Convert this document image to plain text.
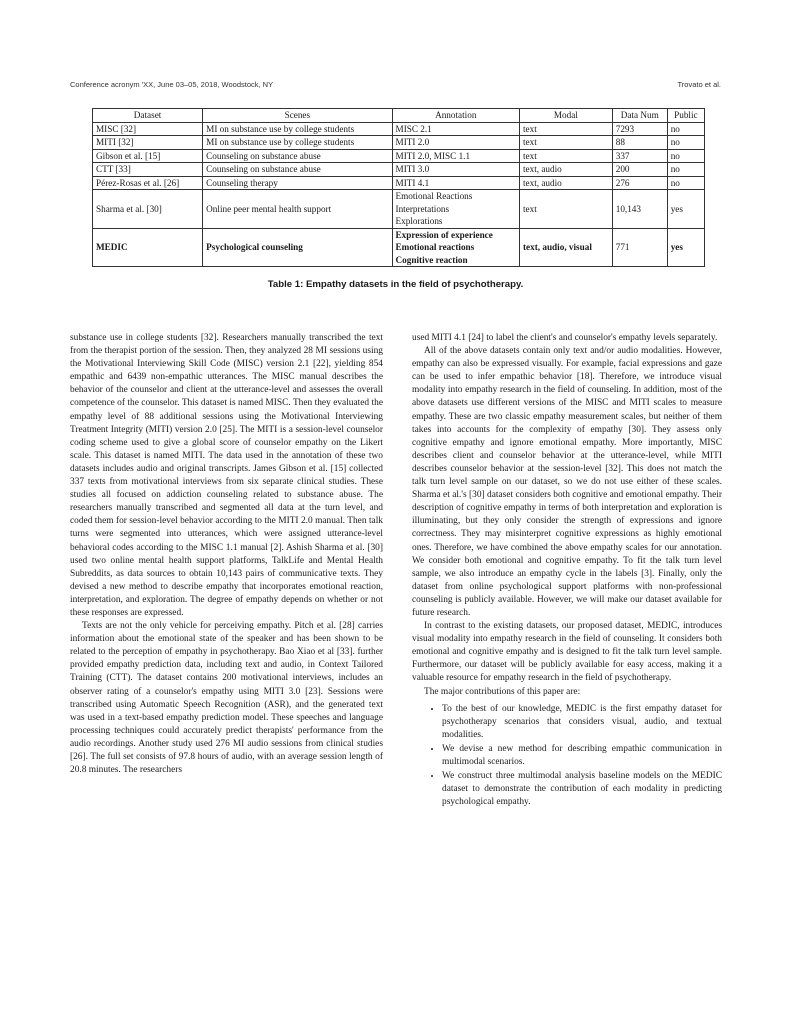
Conference acronym 'XX, June 03–05, 2018, Woodstock, NY	Trovato et al.
Dataset	Scenes	Annotation	Modal	Data Num	Public
MISC [32]	MI on substance use by college students	MISC 2.1	text	7293	no
MITI [32]	MI on substance use by college students	MITI 2.0	text	88	no
Gibson et al. [15]	Counseling on substance abuse	MITI 2.0, MISC 1.1	text	337	no
CTT [33]	Counseling on substance abuse	MITI 3.0	text, audio	200	no
Pérez-Rosas et al. [26]	Counseling therapy	MITI 4.1	text, audio	276	no
Sharma et al. [30]	Online peer mental health support	Emotional Reactions
Interpretations
Explorations	text	10,143	yes
MEDIC	Psychological counseling	Expression of experience
Emotional reactions
Cognitive reaction	text, audio, visual	771	yes
Table 1: Empathy datasets in the field of psychotherapy.

substance use in college students [32]. Researchers manually transcribed the text from the therapist portion of the session. Then, they analyzed 28 MI sessions using the Motivational Interviewing Skill Code (MISC) version 2.1 [22], yielding 854 empathic and 6439 non-empathic utterances. The MISC manual describes the behavior of the counselor and client at the utterance-level and assesses the overall competence of the counselor. This dataset is named MISC. Then they evaluated the empathy level of 88 additional sessions using the Motivational Interviewing Treatment Integrity (MITI) version 2.0 [25]. The MITI is a session-level counselor coding scheme used to give a global score of counselor empathy on the Likert scale. This dataset is named MITI. The data used in the annotation of these two datasets includes audio and original transcripts. James Gibson et al. [15] collected 337 texts from motivational interviews from six separate clinical studies. These studies all focused on addiction counseling related to substance abuse. The researchers manually transcribed and segmented all data at the turn level, and coded them for session-level behavior according to the MITI 2.0 manual. Then talk turns were segmented into utterances, which were assigned utterance-level behavioral codes according to the MISC 1.1 manual [2]. Ashish Sharma et al. [30] used two online mental health support platforms, TalkLife and Mental Health Subreddits, as data sources to obtain 10,143 pairs of communicative texts. They devised a new method to describe empathy that incorporates emotional reaction, interpretation, and exploration. The degree of empathy depends on whether or not these responses are expressed.

Texts are not the only vehicle for perceiving empathy. Pitch et al. [28] carries information about the emotional state of the speaker and has been shown to be related to the perception of empathy in psychotherapy. Bao Xiao et al [33]. further provided empathy prediction data, including text and audio, in Context Tailored Training (CTT). The dataset contains 200 motivational interviews, includes an observer rating of a counselor's empathy using MITI 3.0 [23]. Sessions were transcribed using Automatic Speech Recognition (ASR), and the generated text was used in a text-based empathy prediction model. These speeches and language processing techniques could accurately predict therapists' performance from the audio recordings. Another study used 276 MI audio sessions from clinical studies [26]. The full set consists of 97.8 hours of audio, with an average session length of 20.8 minutes. The researchers

used MITI 4.1 [24] to label the client's and counselor's empathy levels separately.

All of the above datasets contain only text and/or audio modalities. However, empathy can also be expressed visually. For example, facial expressions and gaze can be used to infer empathic behavior [18]. Therefore, we introduce visual modality into empathy research in the field of counseling. In addition, most of the above datasets use different versions of the MISC and MITI scales to measure empathy. These are two classic empathy measurement scales, but neither of them takes into accounts for the complexity of empathy [30]. They assess only cognitive empathy and ignore emotional empathy. More importantly, MISC describes client and counselor behavior at the utterance-level, while MITI describes counselor behavior at the session-level [32]. This does not match the talk turn level sample on our dataset, so we do not use either of these scales. Sharma et al.'s [30] dataset considers both cognitive and emotional empathy. Their description of cognitive empathy in terms of both interpretation and exploration is illuminating, but they only consider the strength of expressions and ignore correctness. They may misinterpret cognitive expressions as highly emotional ones. Therefore, we have combined the above empathy scales for our annotation. We consider both emotional and cognitive empathy. To fit the talk turn level sample, we also introduce an empathy cycle in the labels [3]. Finally, only the dataset from online psychological support platforms with non-professional counseling is publicly available. However, we will make our dataset available for future research.

In contrast to the existing datasets, our proposed dataset, MEDIC, introduces visual modality into empathy research in the field of counseling. It considers both emotional and cognitive empathy and is designed to fit the talk turn level sample. Furthermore, our dataset will be publicly available for easy access, making it a valuable resource for empathy research in the field of psychotherapy.

The major contributions of this paper are:

• To the best of our knowledge, MEDIC is the first empathy dataset for psychotherapy scenarios that considers visual, audio, and textual modalities.
• We devise a new method for describing empathic communication in multimodal scenarios.
• We construct three multimodal analysis baseline models on the MEDIC dataset to demonstrate the contribution of each modality in predicting psychological empathy.
